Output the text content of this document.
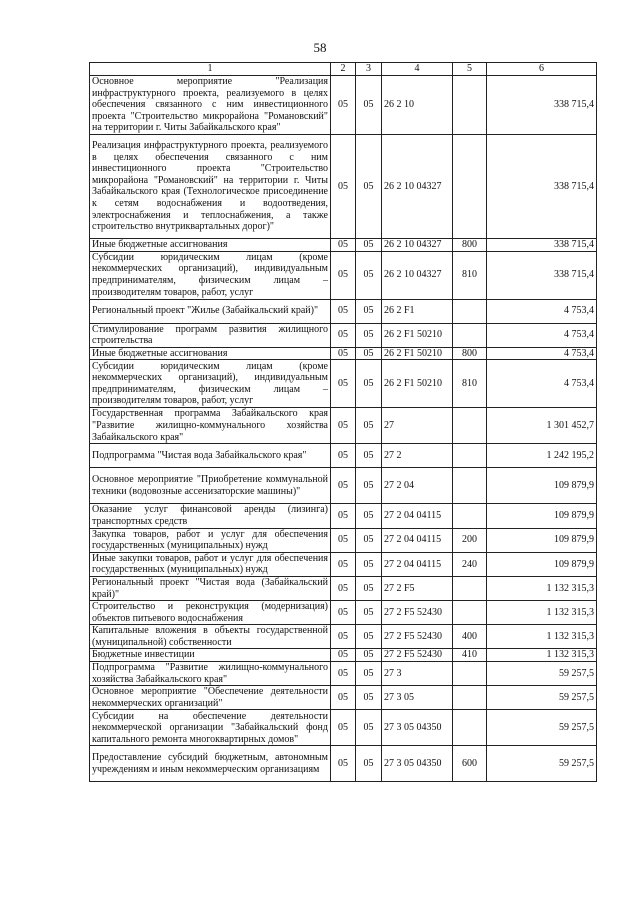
58
1	2	3	4	5	6
Основное мероприятие "Реализация инфраструктурного проекта, реализуемого в целях обеспечения связанного с ним инвестиционного проекта "Строительство микрорайона "Романовский" на территории г. Читы Забайкальского края"	05	05	26 2 10		338 715,4
Реализация инфраструктурного проекта, реализуемого в целях обеспечения связанного с ним инвестиционного проекта "Строительство микрорайона "Романовский" на территории г. Читы Забайкальского края (Технологическое присоединение к сетям водоснабжения и водоотведения, электроснабжения и теплоснабжения, а также строительство внутриквартальных дорог)"	05	05	26 2 10 04327		338 715,4
Иные бюджетные ассигнования	05	05	26 2 10 04327	800	338 715,4
Субсидии юридическим лицам (кроме некоммерческих организаций), индивидуальным предпринимателям, физическим лицам – производителям товаров, работ, услуг	05	05	26 2 10 04327	810	338 715,4
Региональный проект "Жилье (Забайкальский край)"	05	05	26 2 F1		4 753,4
Стимулирование программ развития жилищного строительства	05	05	26 2 F1 50210		4 753,4
Иные бюджетные ассигнования	05	05	26 2 F1 50210	800	4 753,4
Субсидии юридическим лицам (кроме некоммерческих организаций), индивидуальным предпринимателям, физическим лицам – производителям товаров, работ, услуг	05	05	26 2 F1 50210	810	4 753,4
Государственная программа Забайкальского края "Развитие жилищно-коммунального хозяйства Забайкальского края"	05	05	27		1 301 452,7
Подпрограмма "Чистая вода Забайкальского края"	05	05	27 2		1 242 195,2
Основное мероприятие "Приобретение коммунальной техники (водовозные ассенизаторские машины)"	05	05	27 2 04		109 879,9
Оказание услуг финансовой аренды (лизинга) транспортных средств	05	05	27 2 04 04115		109 879,9
Закупка товаров, работ и услуг для обеспечения государственных (муниципальных) нужд	05	05	27 2 04 04115	200	109 879,9
Иные закупки товаров, работ и услуг для обеспечения государственных (муниципальных) нужд	05	05	27 2 04 04115	240	109 879,9
Региональный проект "Чистая вода (Забайкальский край)"	05	05	27 2 F5		1 132 315,3
Строительство и реконструкция (модернизация) объектов питьевого водоснабжения	05	05	27 2 F5 52430		1 132 315,3
Капитальные вложения в объекты государственной (муниципальной) собственности	05	05	27 2 F5 52430	400	1 132 315,3
Бюджетные инвестиции	05	05	27 2 F5 52430	410	1 132 315,3
Подпрограмма "Развитие жилищно-коммунального хозяйства Забайкальского края"	05	05	27 3		59 257,5
Основное мероприятие "Обеспечение деятельности некоммерческих организаций"	05	05	27 3 05		59 257,5
Субсидии на обеспечение деятельности некоммерческой организации "Забайкальский фонд капитального ремонта многоквартирных домов"	05	05	27 3 05 04350		59 257,5
Предоставление субсидий бюджетным, автономным учреждениям и иным некоммерческим организациям	05	05	27 3 05 04350	600	59 257,5
